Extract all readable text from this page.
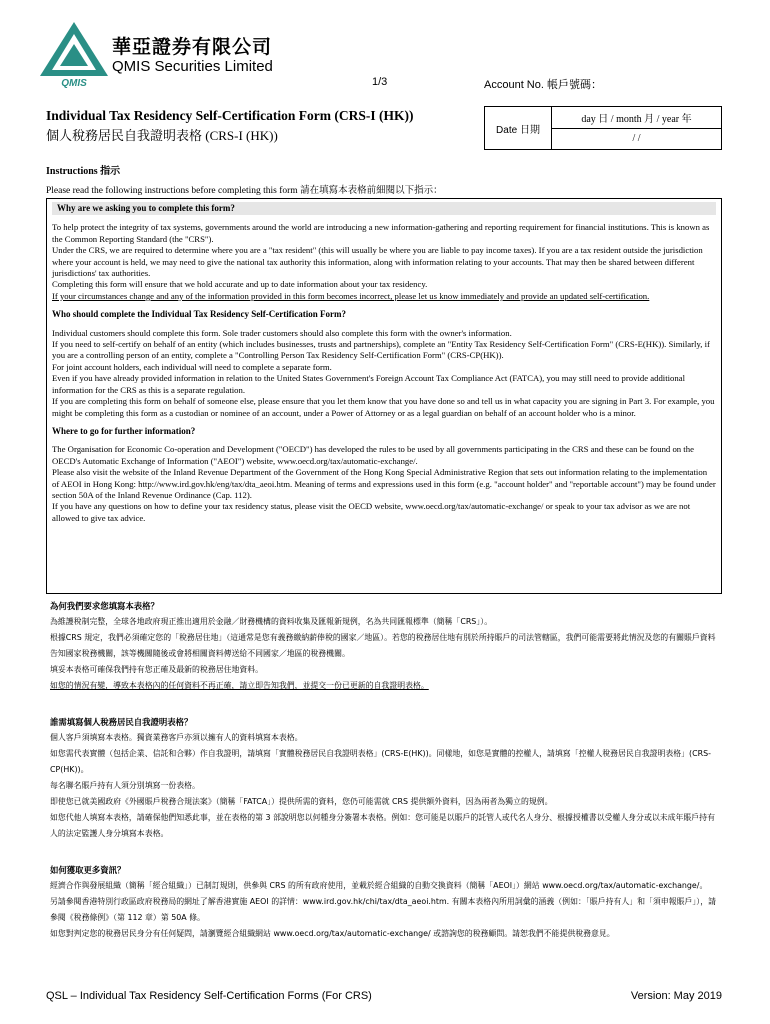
QMIS
華亞證券有限公司
QMIS Securities Limited
1/3	Account No. 帳戶號碼：
Individual Tax Residency Self-Certification Form (CRS-I (HK))
個人稅務居民自我證明表格 (CRS-I (HK))	Date 日期
day 日 / month 月 / year 年
/ /
Instructions 指示
Please read the following instructions before completing this form 請在填寫本表格前細閱以下指示：
Why are we asking you to complete this form?

To help protect the integrity of tax systems, governments around the world are introducing a new information-gathering and reporting requirement for financial institutions. This is known as the Common Reporting Standard (the "CRS").

Under the CRS, we are required to determine where you are a "tax resident" (this will usually be where you are liable to pay income taxes). If you are a tax resident outside the jurisdiction where your account is held, we may need to give the national tax authority this information, along with information relating to your accounts. That may then be shared between different jurisdictions' tax authorities.

Completing this form will ensure that we hold accurate and up to date information about your tax residency.

If your circumstances change and any of the information provided in this form becomes incorrect, please let us know immediately and provide an updated self-certification.

Who should complete the Individual Tax Residency Self-Certification Form?

Individual customers should complete this form. Sole trader customers should also complete this form with the owner's information.

If you need to self-certify on behalf of an entity (which includes businesses, trusts and partnerships), complete an "Entity Tax Residency Self-Certification Form" (CRS-E(HK)). Similarly, if you are a controlling person of an entity, complete a "Controlling Person Tax Residency Self-Certification Form" (CRS-CP(HK)).

For joint account holders, each individual will need to complete a separate form.

Even if you have already provided information in relation to the United States Government's Foreign Account Tax Compliance Act (FATCA), you may still need to provide additional information for the CRS as this is a separate regulation.

If you are completing this form on behalf of someone else, please ensure that you let them know that you have done so and tell us in what capacity you are signing in Part 3. For example, you might be completing this form as a custodian or nominee of an account, under a Power of Attorney or as a legal guardian on behalf of an account holder who is a minor.

Where to go for further information?

The Organisation for Economic Co-operation and Development ("OECD") has developed the rules to be used by all governments participating in the CRS and these can be found on the OECD's Automatic Exchange of Information ("AEOI") website, www.oecd.org/tax/automatic-exchange/.

Please also visit the website of the Inland Revenue Department of the Government of the Hong Kong Special Administrative Region that sets out information relating to the implementation of AEOI in Hong Kong: http://www.ird.gov.hk/eng/tax/dta_aeoi.htm. Meaning of terms and expressions used in this form (e.g. "account holder" and "reportable account") may be found under section 50A of the Inland Revenue Ordinance (Cap. 112).

If you have any questions on how to define your tax residency status, please visit the OECD website, www.oecd.org/tax/automatic-exchange/ or speak to your tax advisor as we are not allowed to give tax advice.

為何我們要求您填寫本表格？

為維護稅制完整，全球各地政府現正推出適用於金融／財務機構的資料收集及匯報新規例，名為共同匯報標準（簡稱「CRS」）。

根據CRS 規定，我們必須確定您的「稅務居住地」（這通常是您有義務繳納薪俸稅的國家／地區）。若您的稅務居住地有別於所持賬戶的司法管轄區，我們可能需要將此情況及您的有關賬戶資料告知國家稅務機關，該等機關隨後或會將相關資料傳送給不同國家／地區的稅務機關。

填妥本表格可確保我們持有您正確及最新的稅務居住地資料。

如您的情況有變，導致本表格內的任何資料不再正確，請立即告知我們，並提交一份已更新的自我證明表格。

誰需填寫個人稅務居民自我證明表格？

個人客戶須填寫本表格。獨資業務客戶亦須以擁有人的資料填寫本表格。

如您需代表實體（包括企業、信託和合夥）作自我證明，請填寫「實體稅務居民自我證明表格」(CRS-E(HK))。同樣地，如您是實體的控權人，請填寫「控權人稅務居民自我證明表格」(CRS-CP(HK))。

每名聯名賬戶持有人須分別填寫一份表格。

即使您已就美國政府《外國賬戶稅務合規法案》（簡稱「FATCA」）提供所需的資料，您仍可能需就 CRS 提供額外資料，因為兩者為獨立的規例。

如您代他人填寫本表格，請確保他們知悉此事，並在表格的第 3 部說明您以何種身分簽署本表格。例如：您可能是以賬戶的託管人或代名人身分、根據授權書以受權人身分或以未成年賬戶持有人的法定監護人身分填寫本表格。

如何獲取更多資訊？

經濟合作與發展組織（簡稱「經合組織」）已制訂規則，供參與 CRS 的所有政府使用，並載於經合組織的自動交換資料（簡稱「AEOI」）網站 www.oecd.org/tax/automatic-exchange/。

另請參閱香港特別行政區政府稅務局的網址了解香港實施 AEOI 的詳情：www.ird.gov.hk/chi/tax/dta_aeoi.htm. 有關本表格內所用詞彙的涵義（例如：「賬戶持有人」和「須申報賬戶」），請參閱《稅務條例》（第 112 章）第 50A 條。

如您對判定您的稅務居民身分有任何疑問，請瀏覽經合組織網站 www.oecd.org/tax/automatic-exchange/ 或諮詢您的稅務顧問。請恕我們不能提供稅務意見。

QSL – Individual Tax Residency Self-Certification Forms (For CRS)	Version: May 2019
